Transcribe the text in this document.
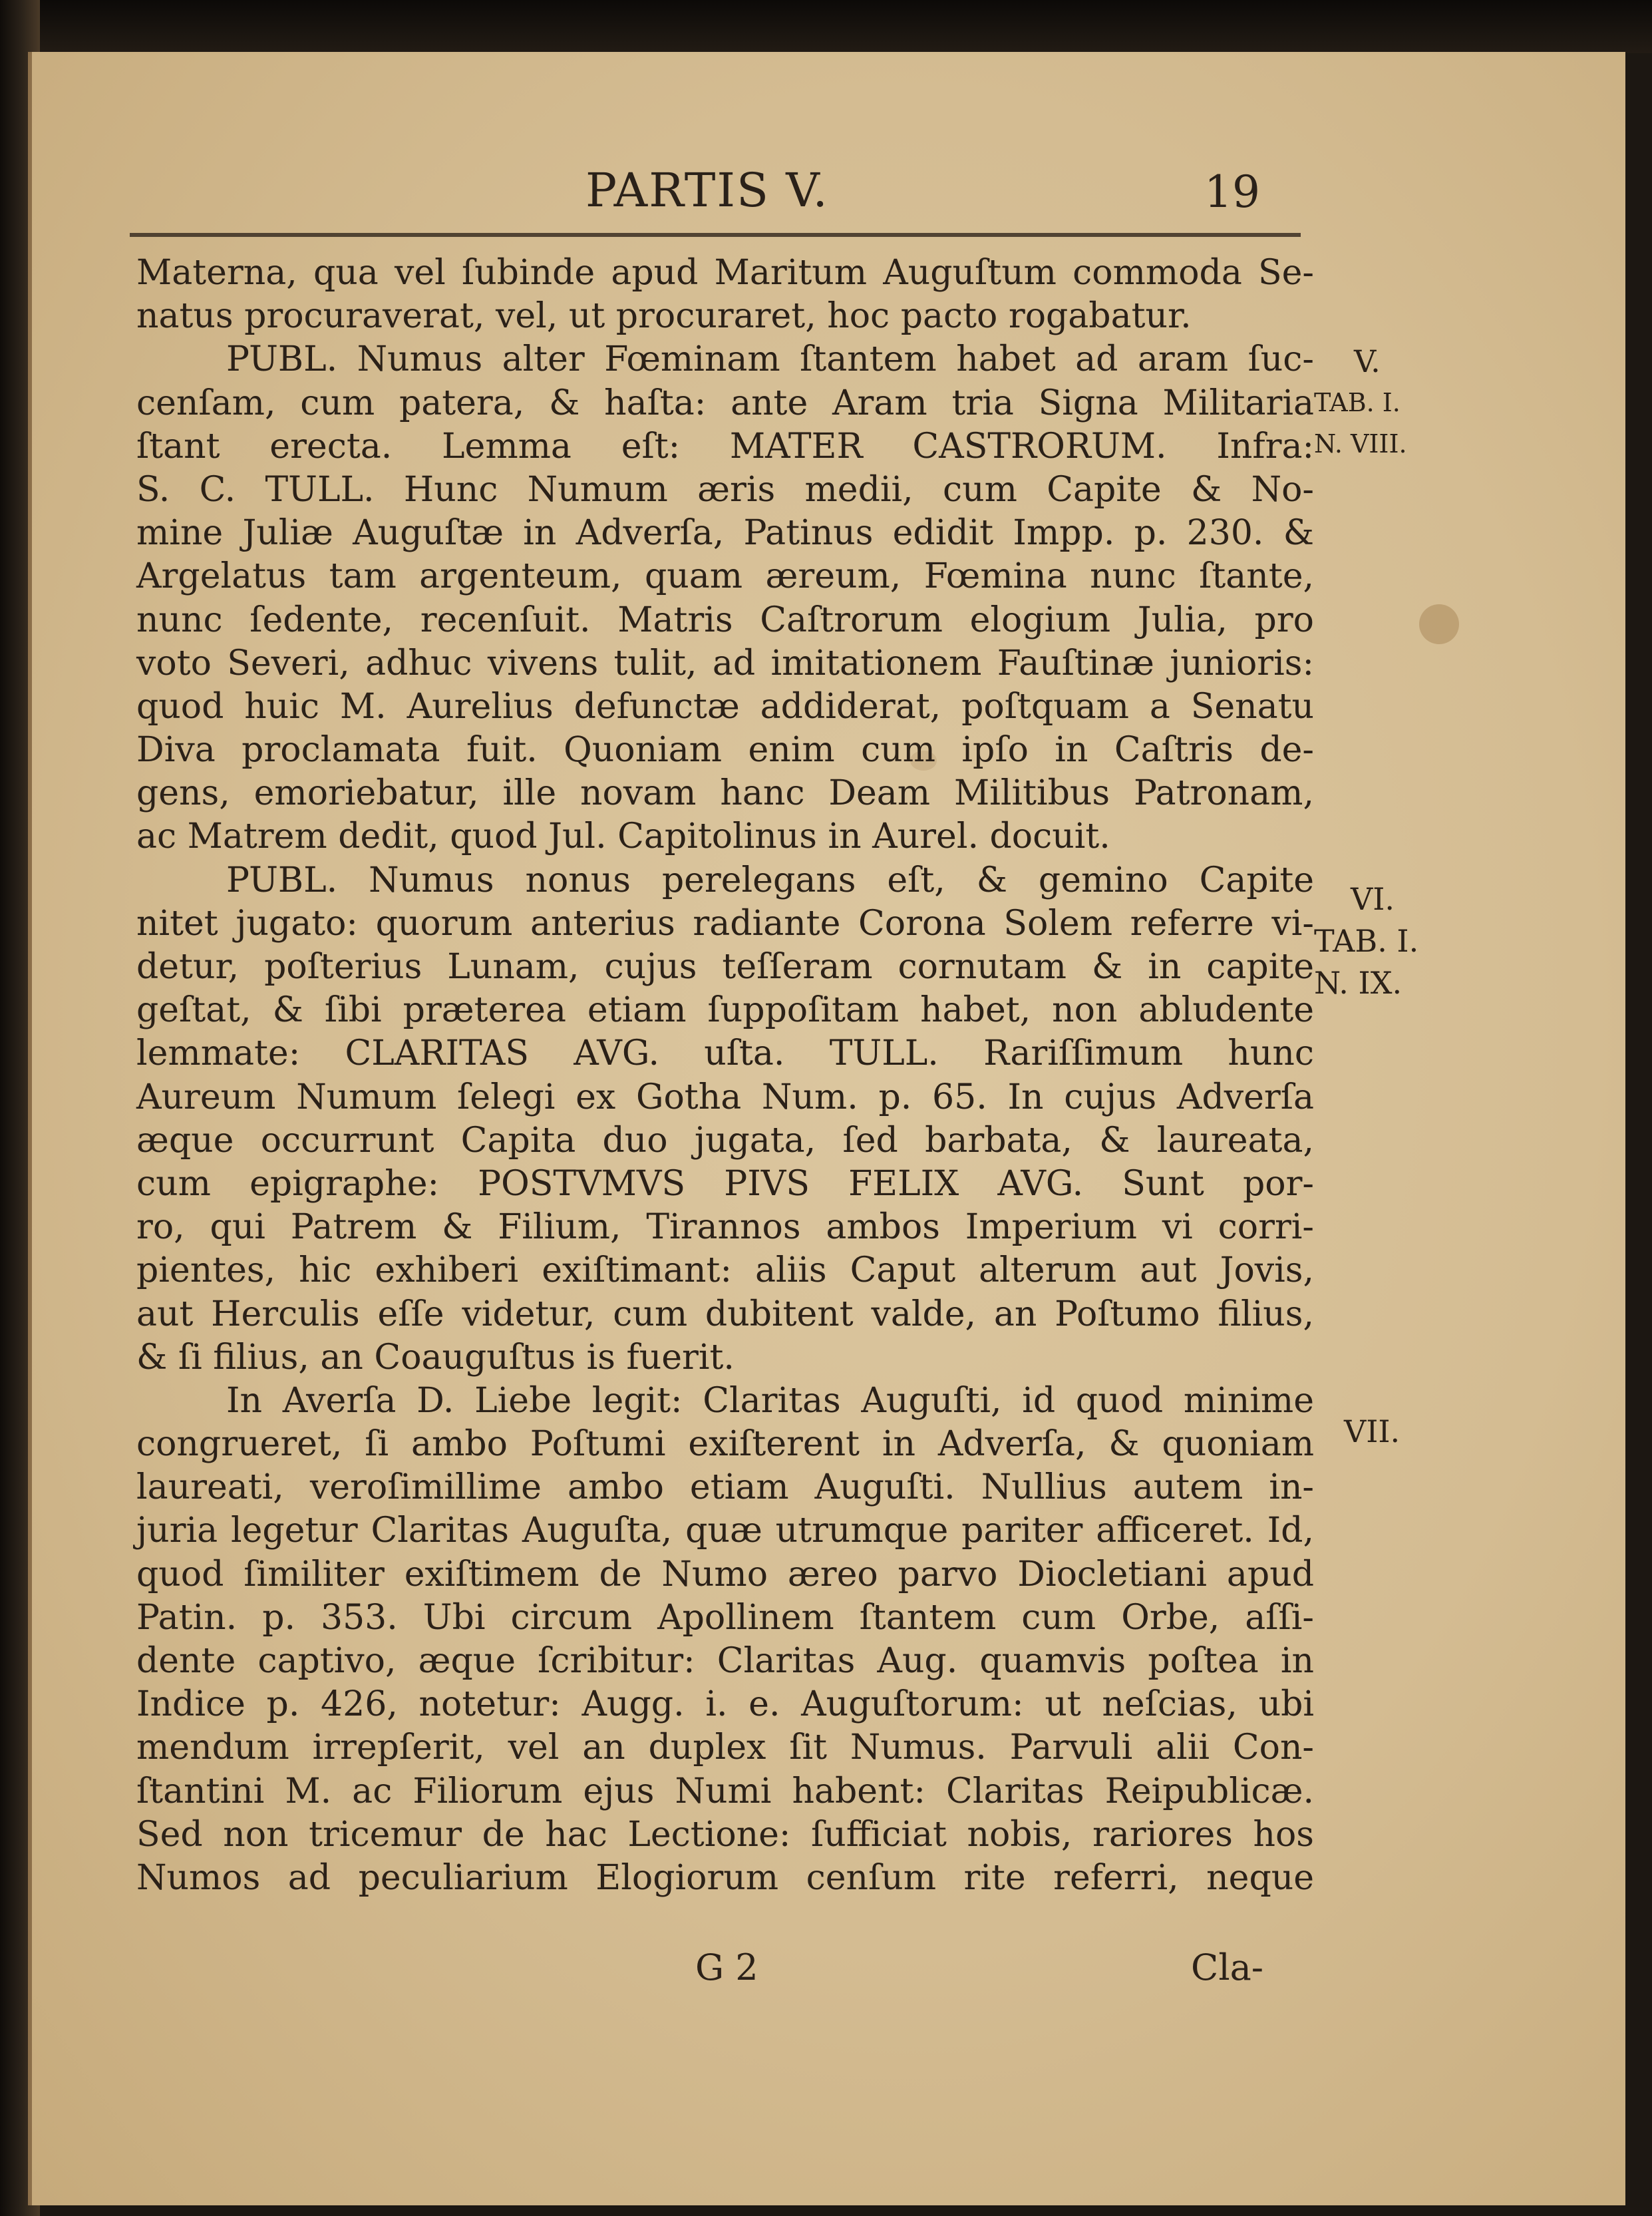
PARTIS V.	19
Materna, qua vel ſubinde apud Maritum Auguſtum commoda Se-
natus procuraverat, vel, ut procuraret, hoc pacto rogabatur.
PUBL. Numus alter Fœminam ſtantem habet ad aram ſuc-
cenſam, cum patera, & haſta: ante Aram tria Signa Militaria
ſtant erecta. Lemma eſt: MATER CASTRORUM. Infra:
S. C. TULL. Hunc Numum æris medii, cum Capite & No-
mine Juliæ Auguſtæ in Adverſa, Patinus edidit Impp. p. 230. &
Argelatus tam argenteum, quam æreum, Fœmina nunc ſtante,
nunc ſedente, recenſuit. Matris Caſtrorum elogium Julia, pro
voto Severi, adhuc vivens tulit, ad imitationem Fauſtinæ junioris:
quod huic M. Aurelius defunctæ addiderat, poſtquam a Senatu
Diva proclamata fuit. Quoniam enim cum ipſo in Caſtris de-
gens, emoriebatur, ille novam hanc Deam Militibus Patronam,
ac Matrem dedit, quod Jul. Capitolinus in Aurel. docuit.
PUBL. Numus nonus perelegans eſt, & gemino Capite
nitet jugato: quorum anterius radiante Corona Solem referre vi-
detur, poſterius Lunam, cujus teſſeram cornutam & in capite
geſtat, & ſibi præterea etiam ſuppoſitam habet, non abludente
lemmate: CLARITAS AVG. uſta. TULL. Rariſſimum hunc
Aureum Numum ſelegi ex Gotha Num. p. 65. In cujus Adverſa
æque occurrunt Capita duo jugata, ſed barbata, & laureata,
cum epigraphe: POSTVMVS PIVS FELIX AVG. Sunt por-
ro, qui Patrem & Filium, Tirannos ambos Imperium vi corri-
pientes, hic exhiberi exiſtimant: aliis Caput alterum aut Jovis,
aut Herculis eſſe videtur, cum dubitent valde, an Poſtumo filius,
& ſi filius, an Coauguſtus is fuerit.
In Averſa D. Liebe legit: Claritas Auguſti, id quod minime
congrueret, ſi ambo Poſtumi exiſterent in Adverſa, & quoniam
laureati, veroſimillime ambo etiam Auguſti. Nullius autem in-
juria legetur Claritas Auguſta, quæ utrumque pariter afficeret. Id,
quod ſimiliter exiſtimem de Numo æreo parvo Diocletiani apud
Patin. p. 353. Ubi circum Apollinem ſtantem cum Orbe, aſſi-
dente captivo, æque ſcribitur: Claritas Aug. quamvis poſtea in
Indice p. 426, notetur: Augg. i. e. Auguſtorum: ut neſcias, ubi
mendum irrepſerit, vel an duplex ſit Numus. Parvuli alii Con-
ſtantini M. ac Filiorum ejus Numi habent: Claritas Reipublicæ.
Sed non tricemur de hac Lectione: ſufficiat nobis, rariores hos
Numos ad peculiarium Elogiorum cenſum rite referri, neque
V.
TAB. I.
N. VIII.
VI.
TAB. I.
N. IX.
VII.
G 2	Cla-
